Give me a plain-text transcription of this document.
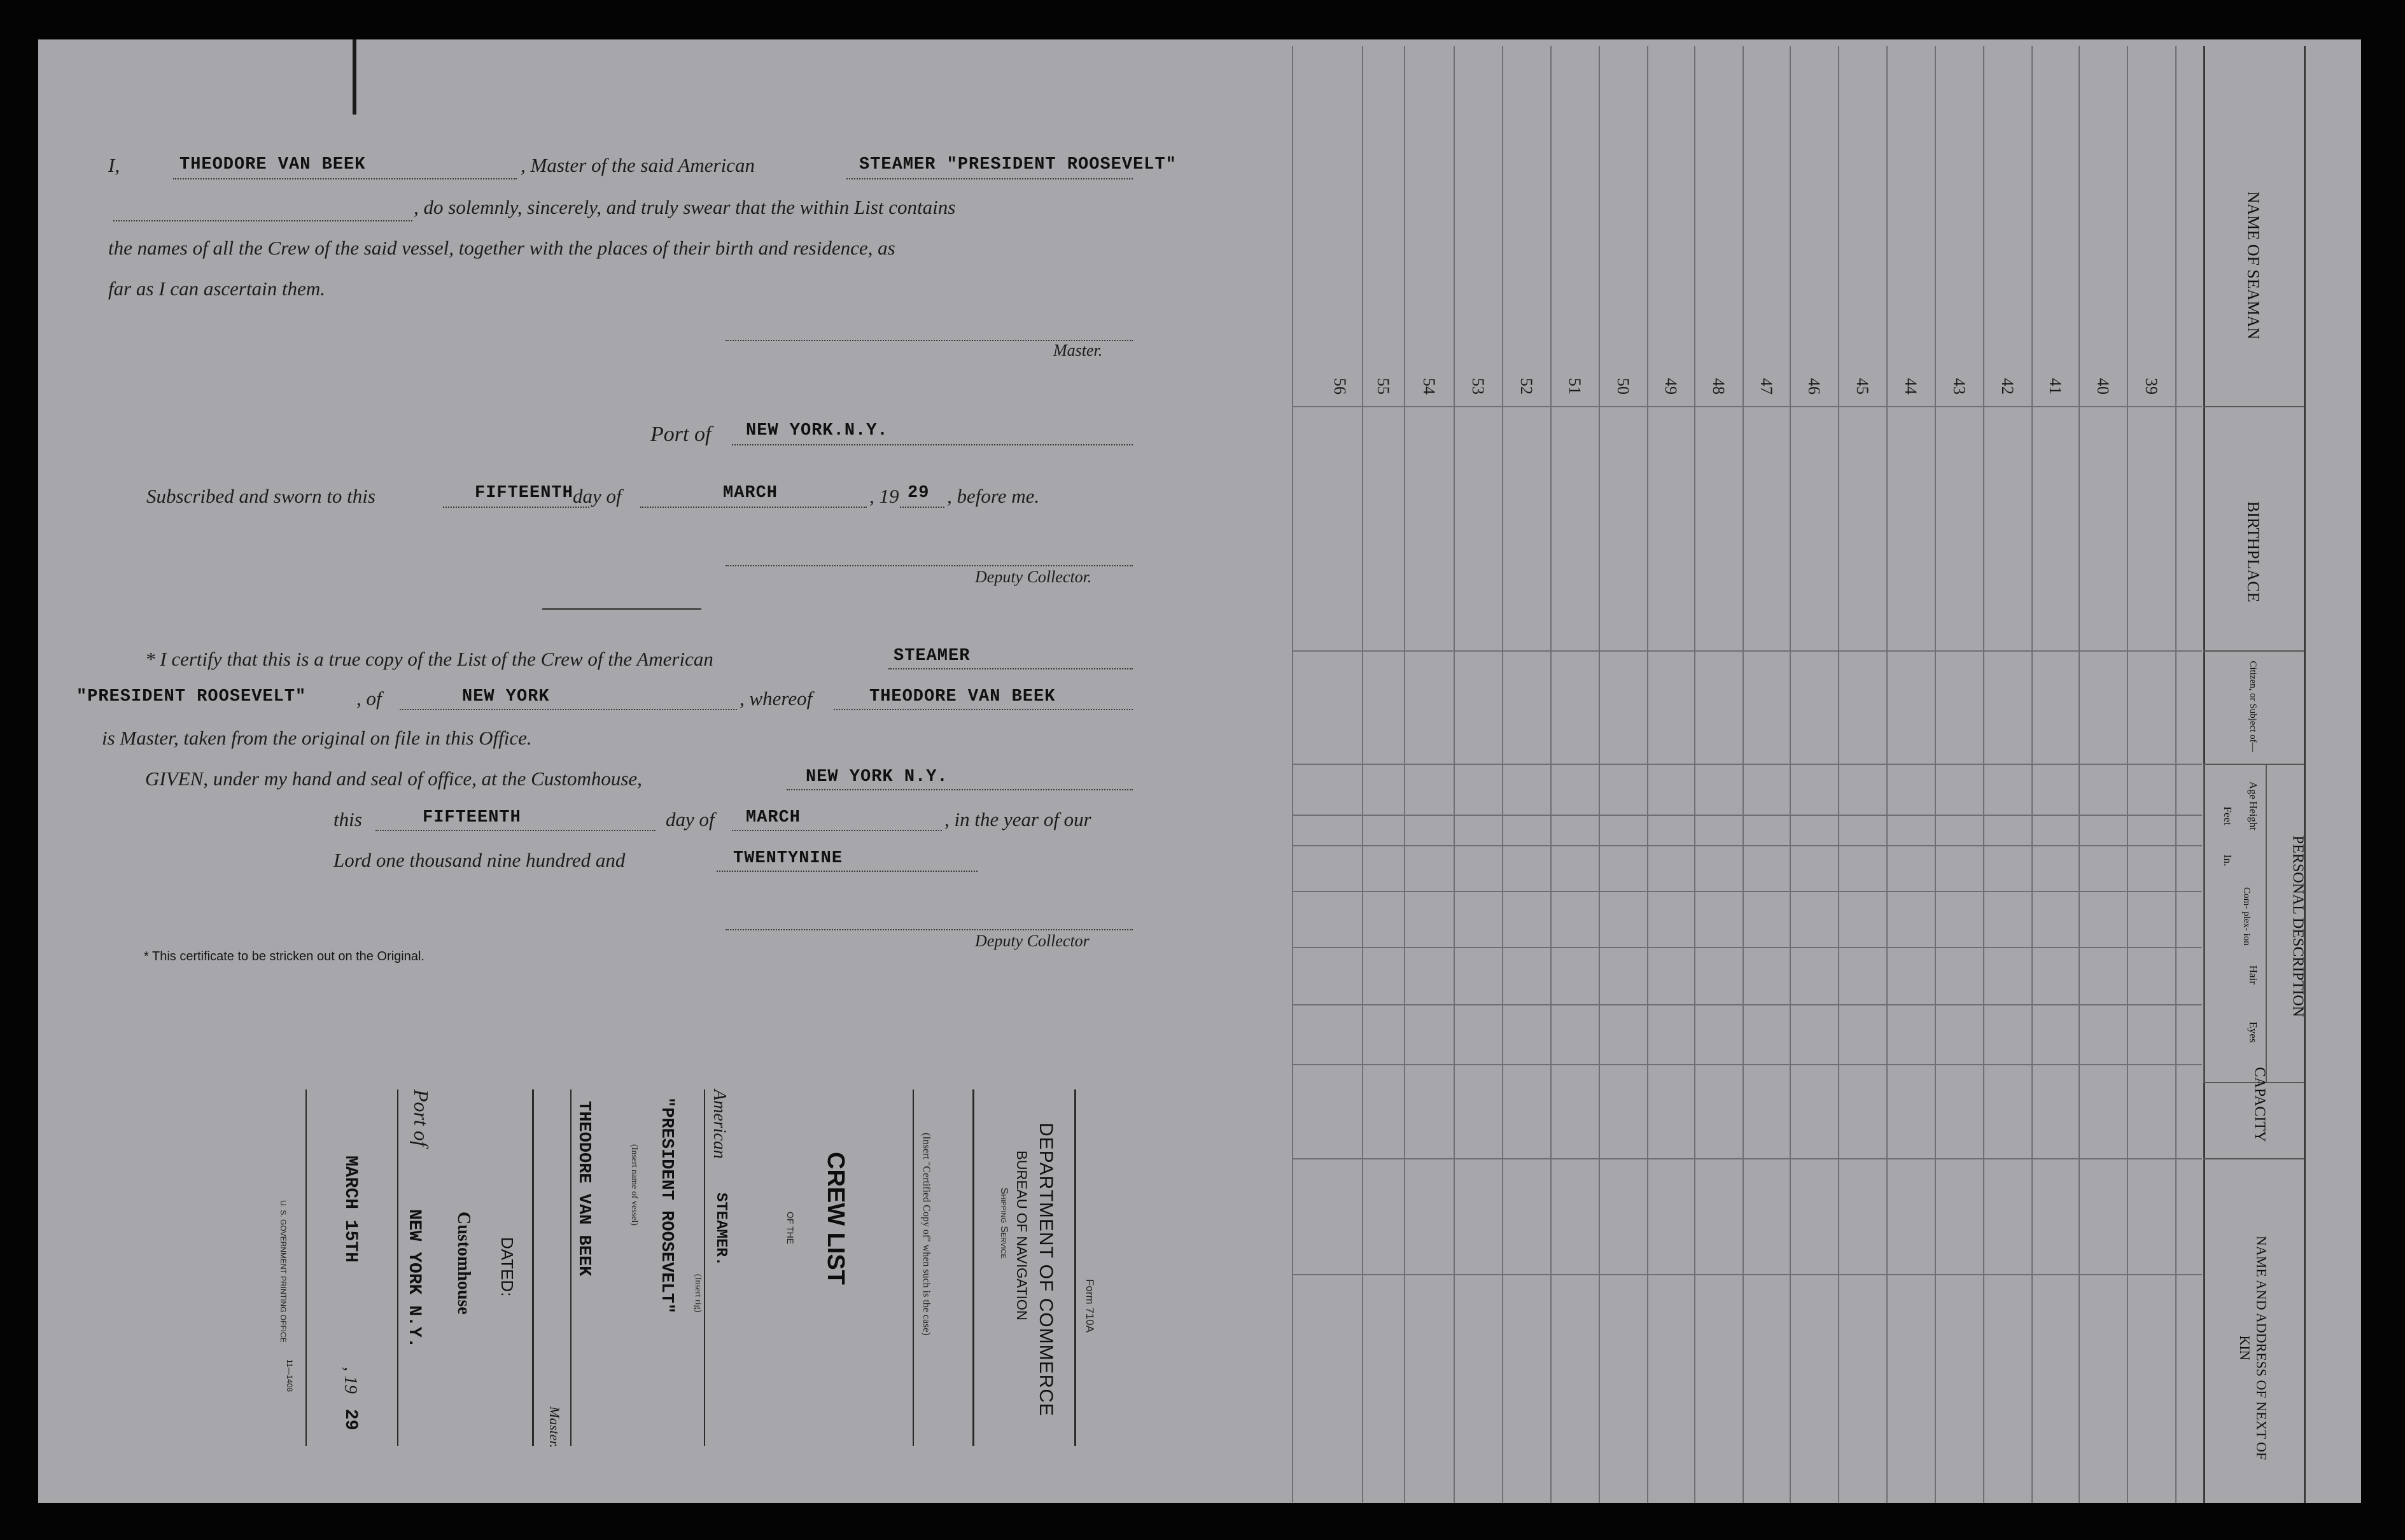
I,	THEODORE VAN BEEK	, Master of the said American	STEAMER "PRESIDENT ROOSEVELT"
, do solemnly, sincerely, and truly swear that the within List contains
the names of all the Crew of the said vessel, together with the places of their birth and residence, as
far as I can ascertain them.
Master.
Port of NEW YORK.N.Y.
Subscribed and sworn to this	FIFTEENTH day of	MARCH	, 19 29 , before me.
Deputy Collector.
* I certify that this is a true copy of the List of the Crew of the American	STEAMER
"PRESIDENT ROOSEVELT"	, of	NEW YORK	, whereof	THEODORE VAN BEEK
is Master, taken from the original on file in this Office.
GIVEN, under my hand and seal of office, at the Customhouse,	NEW YORK N.Y.
this	FIFTEENTH	day of MARCH	, in the year of our
Lord one thousand nine hundred and	TWENTYNINE
Deputy Collector
* This certificate to be stricken out on the Original.
Form 710A
DEPARTMENT OF COMMERCE
BUREAU OF NAVIGATION
Shipping Service
(Insert "Certified Copy of" when such is the case)
CREW LIST
OF THE
American
STEAMER.
(Insert rig)
"PRESIDENT ROOSEVELT"
(Insert name of vessel)
THEODORE VAN BEEK
Master.
DATED:
Customhouse
Port of
NEW YORK N.Y.
MARCH 15TH
, 19
29
U. S. GOVERNMENT PRINTING OFFICE
11—1408
56 55 54 53 52 51 50 49 48 47 46 45 44 43 42 41 40 39
NAME OF SEAMAN
BIRTHPLACE
Citizen, or Subject of—
Age
Height
Feet
In.
Com- plex- ion
Hair
Eyes
PERSONAL DESCRIPTION
CAPACITY
NAME AND ADDRESS OF NEXT OF KIN
